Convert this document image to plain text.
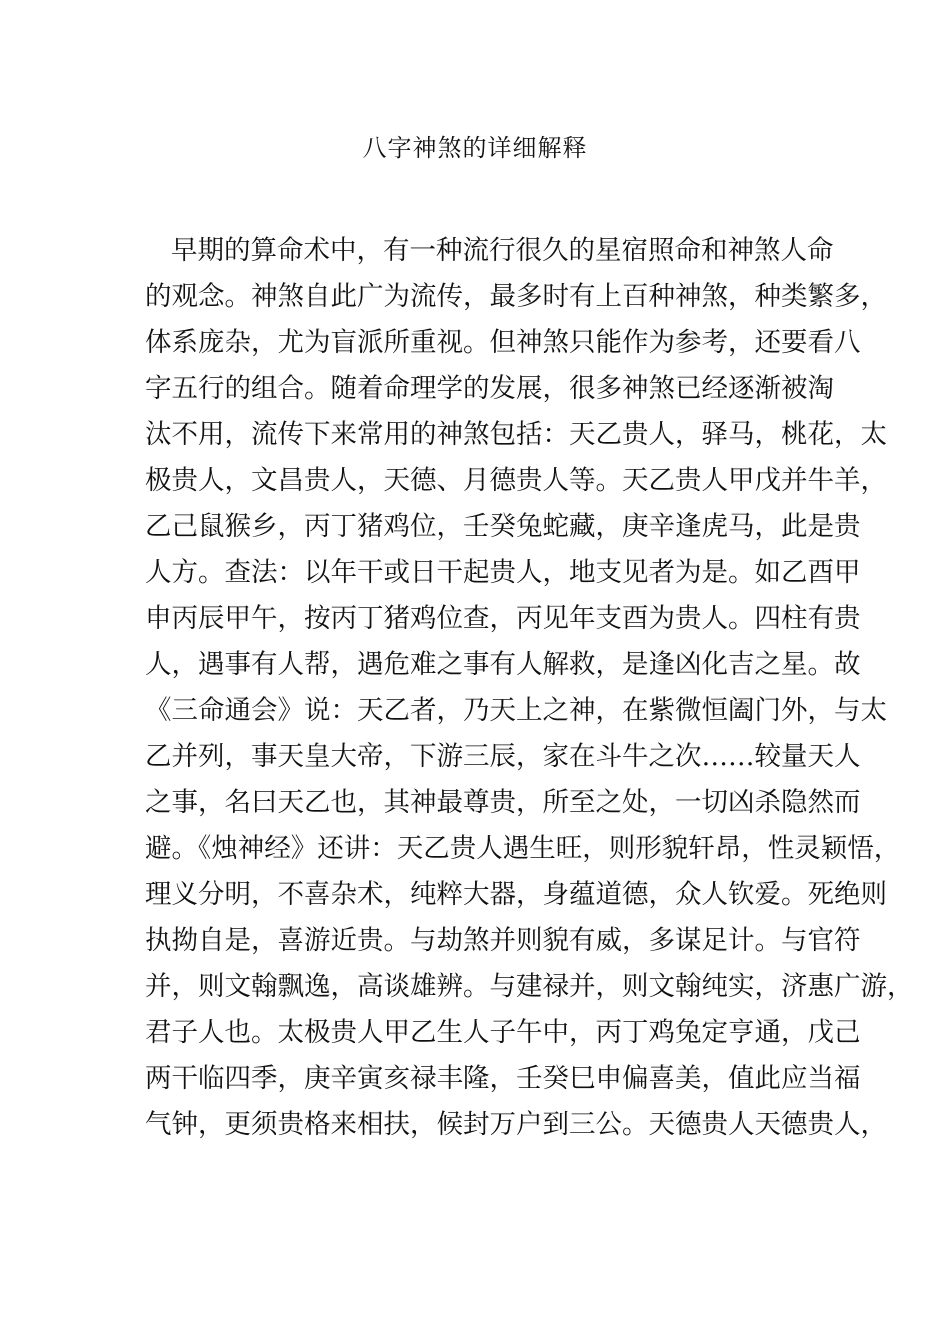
八字神煞的详细解释
早期的算命术中，有一种流行很久的星宿照命和神煞人命
的观念。神煞自此广为流传，最多时有上百种神煞，种类繁多，
体系庞杂，尤为盲派所重视。但神煞只能作为参考，还要看八
字五行的组合。随着命理学的发展，很多神煞已经逐渐被淘
汰不用，流传下来常用的神煞包括：天乙贵人，驿马，桃花，太
极贵人，文昌贵人，天德、月德贵人等。天乙贵人甲戊并牛羊，
乙己鼠猴乡，丙丁猪鸡位，壬癸兔蛇藏，庚辛逢虎马，此是贵
人方。查法：以年干或日干起贵人，地支见者为是。如乙酉甲
申丙辰甲午，按丙丁猪鸡位查，丙见年支酉为贵人。四柱有贵
人，遇事有人帮，遇危难之事有人解救，是逢凶化吉之星。故
《三命通会》说：天乙者，乃天上之神，在紫微恒阖门外，与太
乙并列，事天皇大帝，下游三辰，家在斗牛之次……较量天人
之事，名曰天乙也，其神最尊贵，所至之处，一切凶杀隐然而
避。《烛神经》还讲：天乙贵人遇生旺，则形貌轩昂，性灵颖悟，
理义分明，不喜杂术，纯粹大器，身蕴道德，众人钦爱。死绝则
执拗自是，喜游近贵。与劫煞并则貌有威，多谋足计。与官符
并，则文翰飘逸，高谈雄辨。与建禄并，则文翰纯实，济惠广游，
君子人也。太极贵人甲乙生人子午中，丙丁鸡兔定亨通，戊己
两干临四季，庚辛寅亥禄丰隆，壬癸巳申偏喜美，值此应当福
气钟，更须贵格来相扶，候封万户到三公。天德贵人天德贵人，
